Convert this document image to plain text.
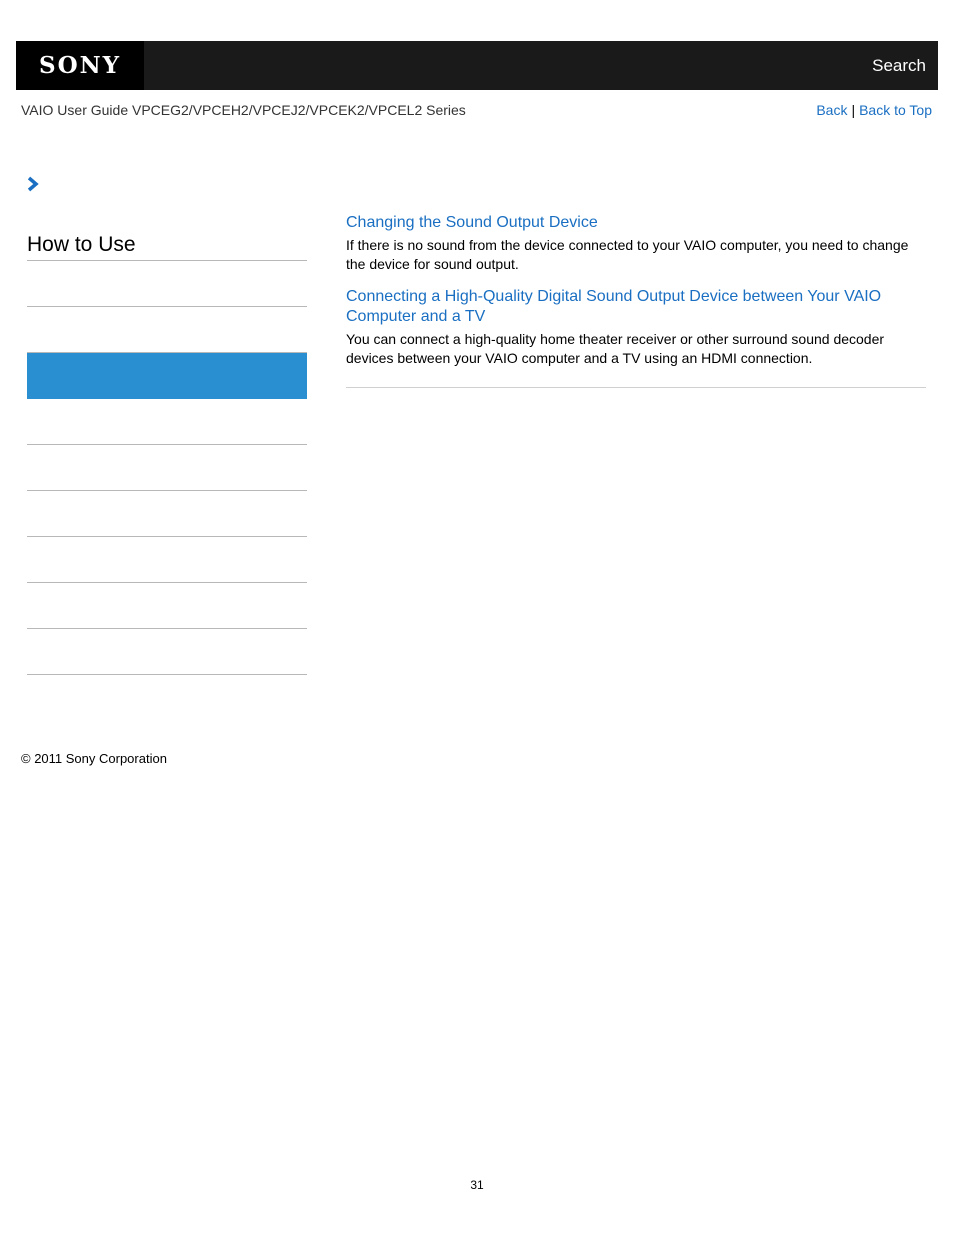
SONY	Search
VAIO User Guide VPCEG2/VPCEH2/VPCEJ2/VPCEK2/VPCEL2 Series	Back | Back to Top
How to Use
Changing the Sound Output Device

If there is no sound from the device connected to your VAIO computer, you need to change the device for sound output.

Connecting a High-Quality Digital Sound Output Device between Your VAIO Computer and a TV

You can connect a high-quality home theater receiver or other surround sound decoder devices between your VAIO computer and a TV using an HDMI connection.

© 2011 Sony Corporation
31
